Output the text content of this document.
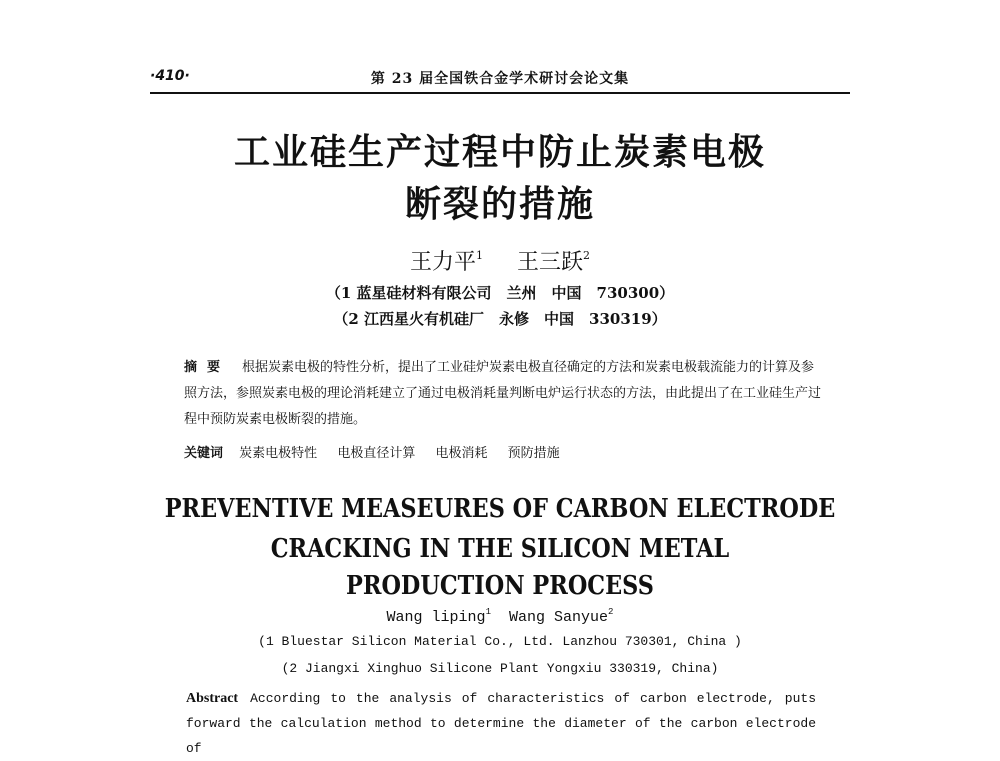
·410·	第 23 届全国铁合金学术研讨会论文集
工业硅生产过程中防止炭素电极
断裂的措施
王力平$^1$ 王三跃$^2$
（1 蓝星硅材料有限公司　兰州　中国　730300）
（2 江西星火有机硅厂　永修　中国　330319）
摘要 根据炭素电极的特性分析，提出了工业硅炉炭素电极直径确定的方法和炭素电极载流能力的计算及参照方法，参照炭素电极的理论消耗建立了通过电极消耗量判断电炉运行状态的方法，由此提出了在工业硅生产过程中预防炭素电极断裂的措施。
关键词 炭素电极特性 电极直径计算 电极消耗 预防措施
PREVENTIVE MEASEURES OF CARBON ELECTRODE
CRACKING IN THE SILICON METAL
PRODUCTION PROCESS
Wang liping$^1$ Wang Sanyue$^2$
(1 Bluestar Silicon Material Co., Ltd. Lanzhou 730301, China )
(2 Jiangxi Xinghuo Silicone Plant Yongxiu 330319, China)
Abstract According to the analysis of characteristics of carbon electrode, puts forward the calculation method to determine the diameter of the carbon electrode of
